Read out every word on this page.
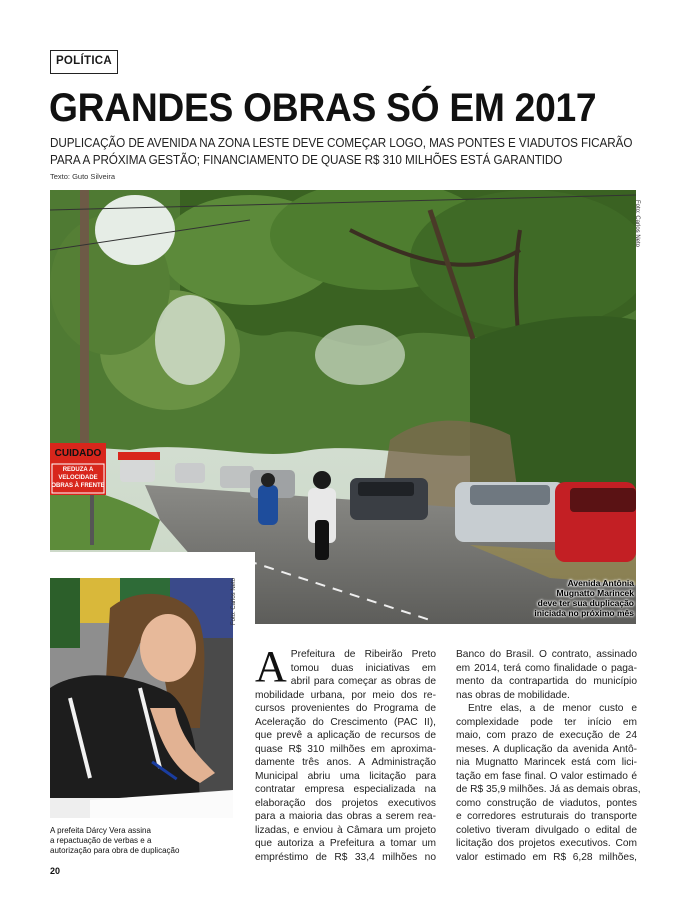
POLÍTICA
GRANDES OBRAS SÓ EM 2017
DUPLICAÇÃO DE AVENIDA NA ZONA LESTE DEVE COMEÇAR LOGO, MAS PONTES E VIADUTOS FICARÃO
PARA A PRÓXIMA GESTÃO; FINANCIAMENTO DE QUASE R$ 310 MILHÕES ESTÁ GARANTIDO
Texto: Guto Silveira
CUIDADO
REDUZA A
VELOCIDADE
OBRAS À FRENTE
Foto: Carlos Neto
Avenida Antônia
Mugnatto Marincek
deve ter sua duplicação
iniciada no próximo mês
Foto: Carlos Neto
A prefeita Dárcy Vera assina
a repactuação de verbas e a
autorização para obra de duplicação
A Prefeitura de Ribeirão Preto
tomou duas iniciativas em
abril para começar as obras de
mobilidade urbana, por meio dos re-
cursos provenientes do Programa de
Aceleração do Crescimento (PAC II),
que prevê a aplicação de recursos de
quase R$ 310 milhões em aproxima-
damente três anos. A Administração
Municipal abriu uma licitação para
contratar empresa especializada na
elaboração dos projetos executivos
para a maioria das obras a serem rea-
lizadas, e enviou à Câmara um projeto
que autoriza a Prefeitura a tomar um
empréstimo de R$ 33,4 milhões no
Banco do Brasil. O contrato, assinado
em 2014, terá como finalidade o paga-
mento da contrapartida do município
nas obras de mobilidade.
Entre elas, a de menor custo e
complexidade pode ter início em
maio, com prazo de execução de 24
meses. A duplicação da avenida Antô-
nia Mugnatto Marincek está com lici-
tação em fase final. O valor estimado é
de R$ 35,9 milhões. Já as demais obras,
como construção de viadutos, pontes
e corredores estruturais do transporte
coletivo tiveram divulgado o edital de
licitação dos projetos executivos. Com
valor estimado em R$ 6,28 milhões,
20
